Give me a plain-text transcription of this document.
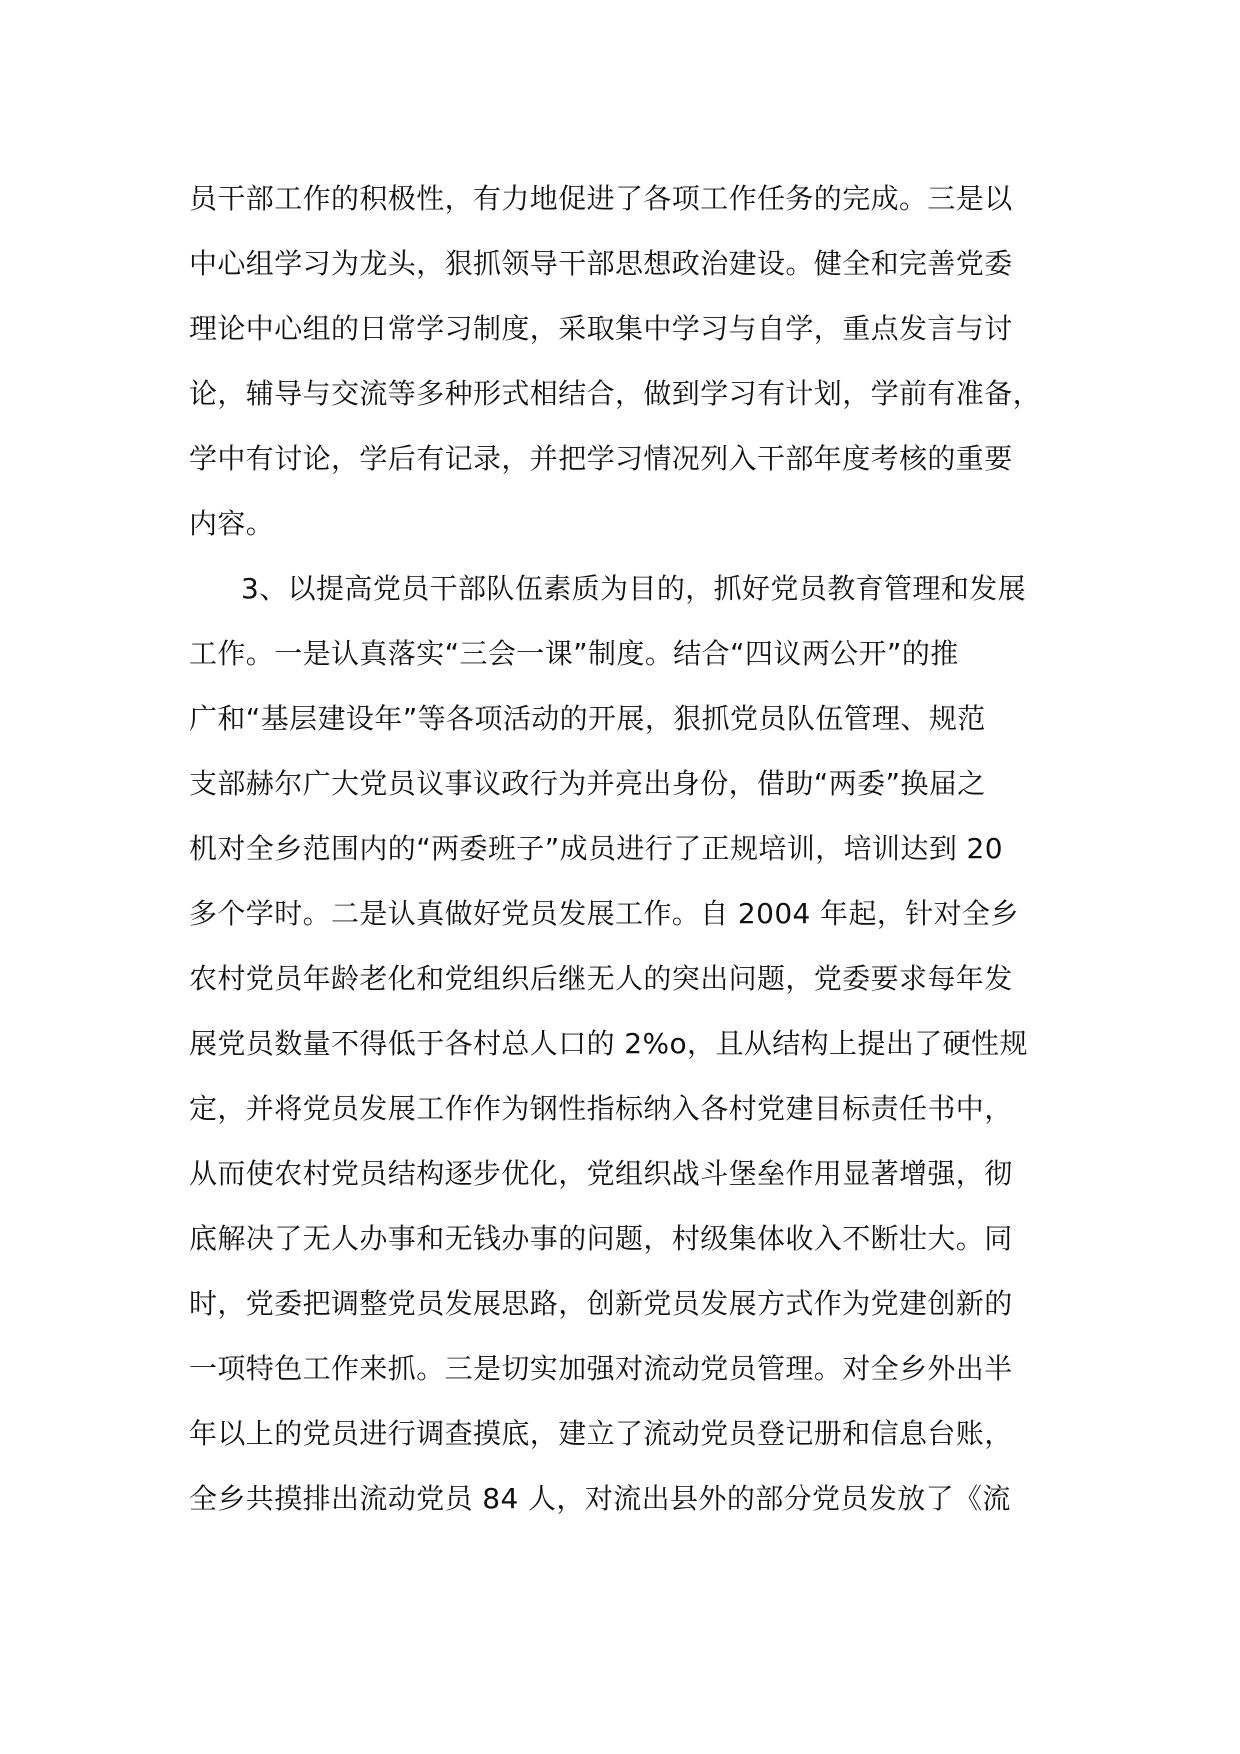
员干部工作的积极性，有力地促进了各项工作任务的完成。三是以
中心组学习为龙头，狠抓领导干部思想政治建设。健全和完善党委
理论中心组的日常学习制度，采取集中学习与自学，重点发言与讨
论，辅导与交流等多种形式相结合，做到学习有计划，学前有准备，
学中有讨论，学后有记录，并把学习情况列入干部年度考核的重要
内容。
3、以提高党员干部队伍素质为目的，抓好党员教育管理和发展
工作。一是认真落实“三会一课”制度。结合“四议两公开”的推
广和“基层建设年”等各项活动的开展，狠抓党员队伍管理、规范
支部赫尔广大党员议事议政行为并亮出身份，借助“两委”换届之
机对全乡范围内的“两委班子”成员进行了正规培训，培训达到 20
多个学时。二是认真做好党员发展工作。自 2004 年起，针对全乡
农村党员年龄老化和党组织后继无人的突出问题，党委要求每年发
展党员数量不得低于各村总人口的 2%o，且从结构上提出了硬性规
定，并将党员发展工作作为钢性指标纳入各村党建目标责任书中，
从而使农村党员结构逐步优化，党组织战斗堡垒作用显著增强，彻
底解决了无人办事和无钱办事的问题，村级集体收入不断壮大。同
时，党委把调整党员发展思路，创新党员发展方式作为党建创新的
一项特色工作来抓。三是切实加强对流动党员管理。对全乡外出半
年以上的党员进行调查摸底，建立了流动党员登记册和信息台账，
全乡共摸排出流动党员 84 人，对流出县外的部分党员发放了《流
